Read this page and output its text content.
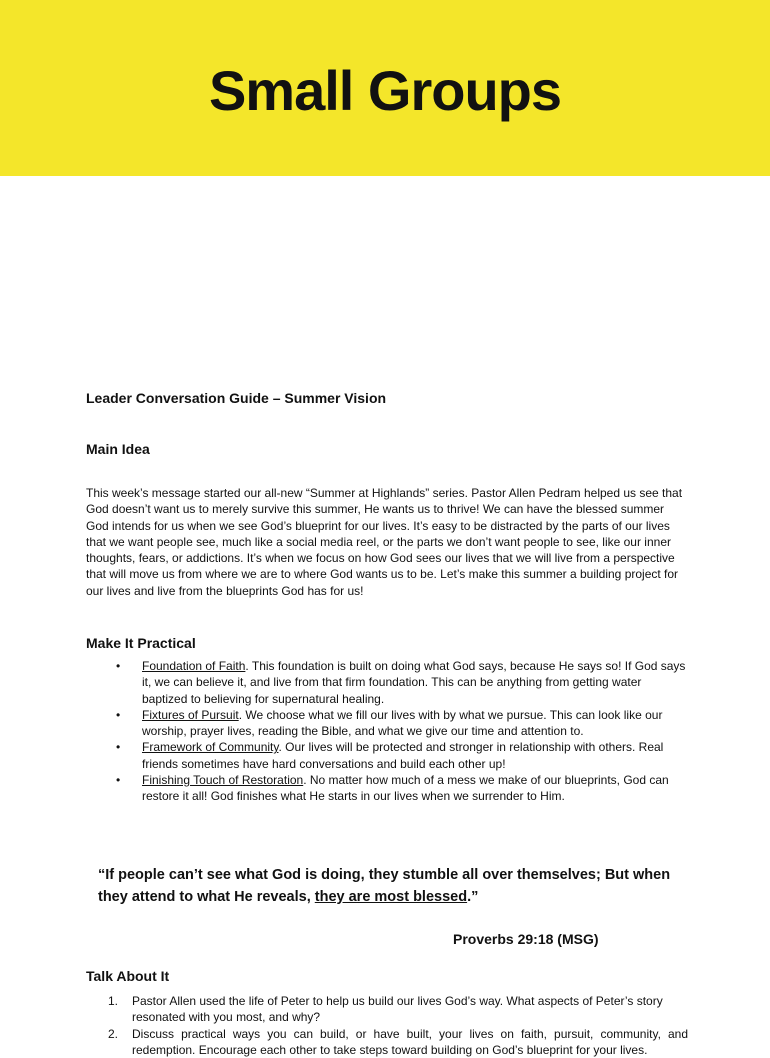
Small Groups
Leader Conversation Guide – Summer Vision
Main Idea

This week’s message started our all-new “Summer at Highlands” series. Pastor Allen Pedram helped us see that God doesn’t want us to merely survive this summer, He wants us to thrive! We can have the blessed summer God intends for us when we see God’s blueprint for our lives. It’s easy to be distracted by the parts of our lives that we want people see, much like a social media reel, or the parts we don’t want people to see, like our inner thoughts, fears, or addictions. It’s when we focus on how God sees our lives that we will live from a perspective that will move us from where we are to where God wants us to be. Let’s make this summer a building project for our lives and live from the blueprints God has for us!

Make It Practical
• Foundation of Faith. This foundation is built on doing what God says, because He says so! If God says it, we can believe it, and live from that firm foundation. This can be anything from getting water baptized to believing for supernatural healing.
• Fixtures of Pursuit. We choose what we fill our lives with by what we pursue. This can look like our worship, prayer lives, reading the Bible, and what we give our time and attention to.
• Framework of Community. Our lives will be protected and stronger in relationship with others. Real friends sometimes have hard conversations and build each other up!
• Finishing Touch of Restoration. No matter how much of a mess we make of our blueprints, God can restore it all! God finishes what He starts in our lives when we surrender to Him.
“If people can’t see what God is doing, they stumble all over themselves; But when they attend to what He reveals, they are most blessed.”
Proverbs 29:18 (MSG)
Talk About It
1. Pastor Allen used the life of Peter to help us build our lives God’s way. What aspects of Peter’s story resonated with you most, and why?
2. Discuss practical ways you can build, or have built, your lives on faith, pursuit, community, and redemption. Encourage each other to take steps toward building on God’s blueprint for your lives.
